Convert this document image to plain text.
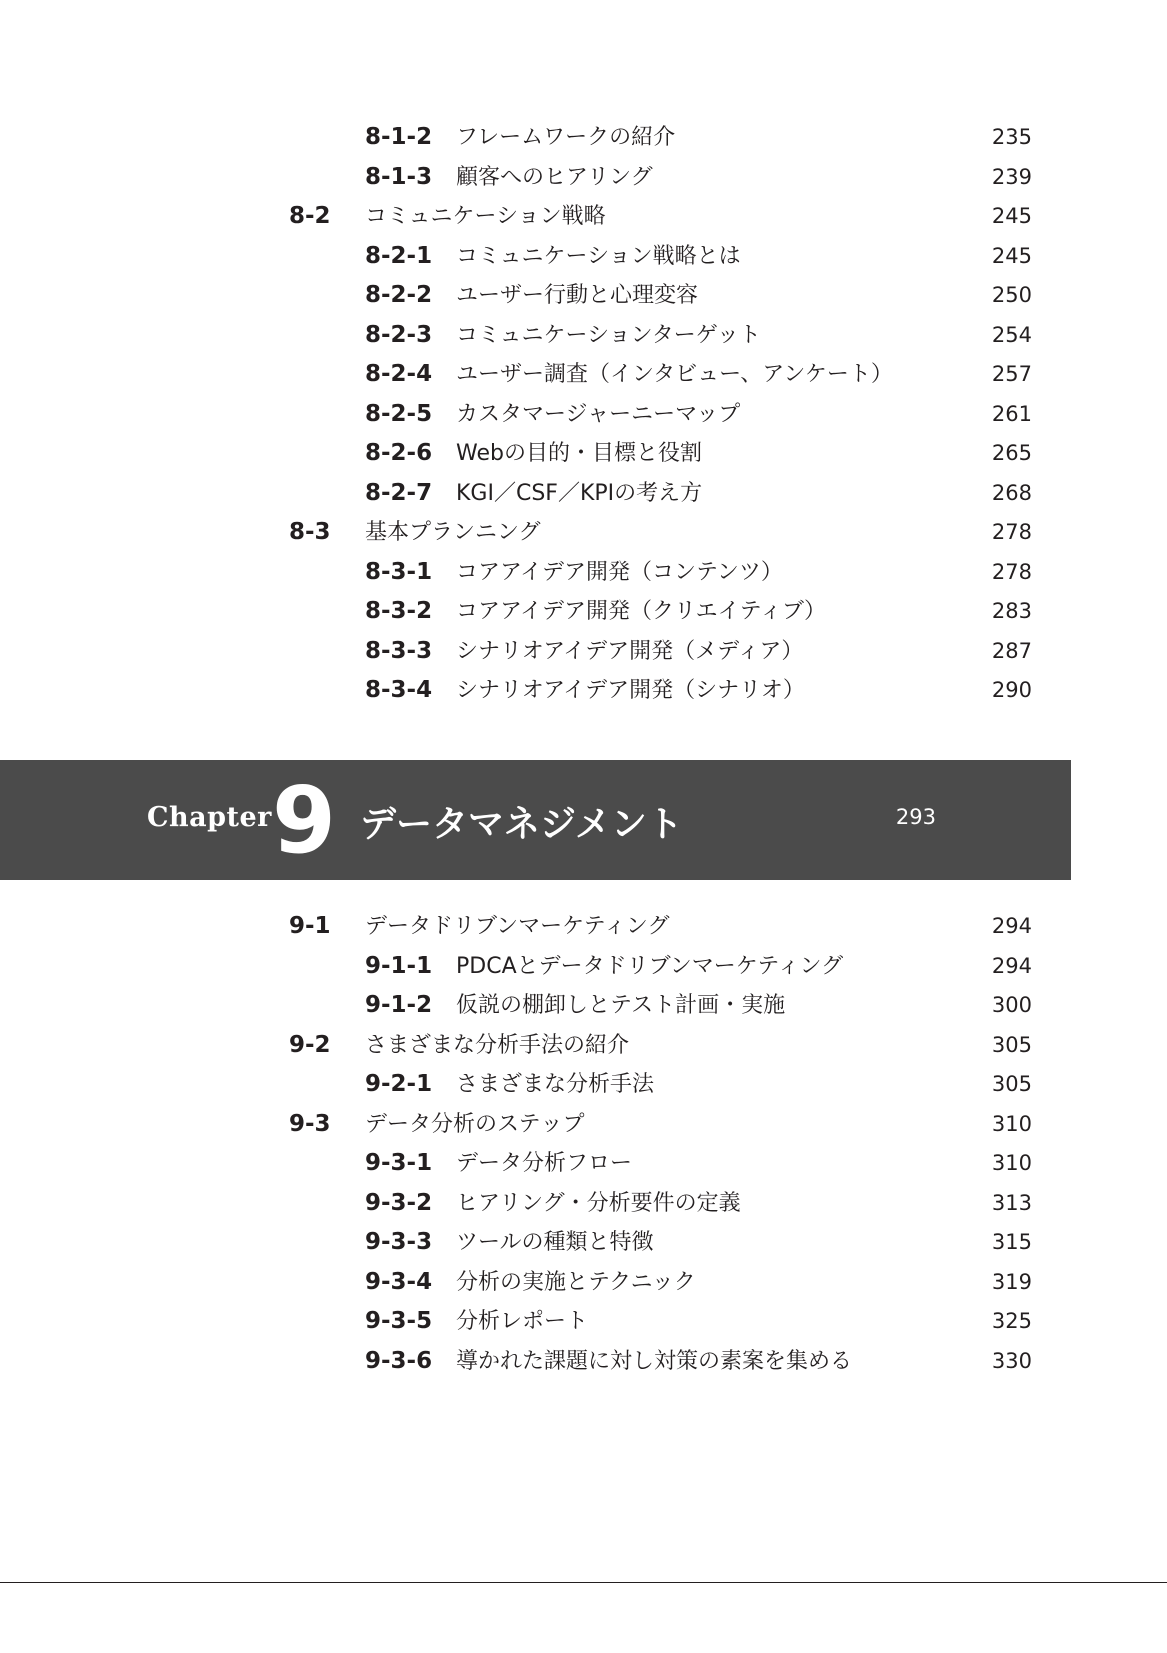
8-1-2 フレームワークの紹介	235
8-1-3 顧客へのヒアリング	239
8-2 コミュニケーション戦略	245
8-2-1 コミュニケーション戦略とは	245
8-2-2 ユーザー行動と心理変容	250
8-2-3 コミュニケーションターゲット	254
8-2-4 ユーザー調査（インタビュー、アンケート）	257
8-2-5 カスタマージャーニーマップ	261
8-2-6 Webの目的・目標と役割	265
8-2-7 KGI／CSF／KPIの考え方	268
8-3 基本プランニング	278
8-3-1 コアアイデア開発（コンテンツ）	278
8-3-2 コアアイデア開発（クリエイティブ）	283
8-3-3 シナリオアイデア開発（メディア）	287
8-3-4 シナリオアイデア開発（シナリオ）	290
Chapter 9 データマネジメント	293
9-1 データドリブンマーケティング	294
9-1-1 PDCAとデータドリブンマーケティング	294
9-1-2 仮説の棚卸しとテスト計画・実施	300
9-2 さまざまな分析手法の紹介	305
9-2-1 さまざまな分析手法	305
9-3 データ分析のステップ	310
9-3-1 データ分析フロー	310
9-3-2 ヒアリング・分析要件の定義	313
9-3-3 ツールの種類と特徴	315
9-3-4 分析の実施とテクニック	319
9-3-5 分析レポート	325
9-3-6 導かれた課題に対し対策の素案を集める	330
